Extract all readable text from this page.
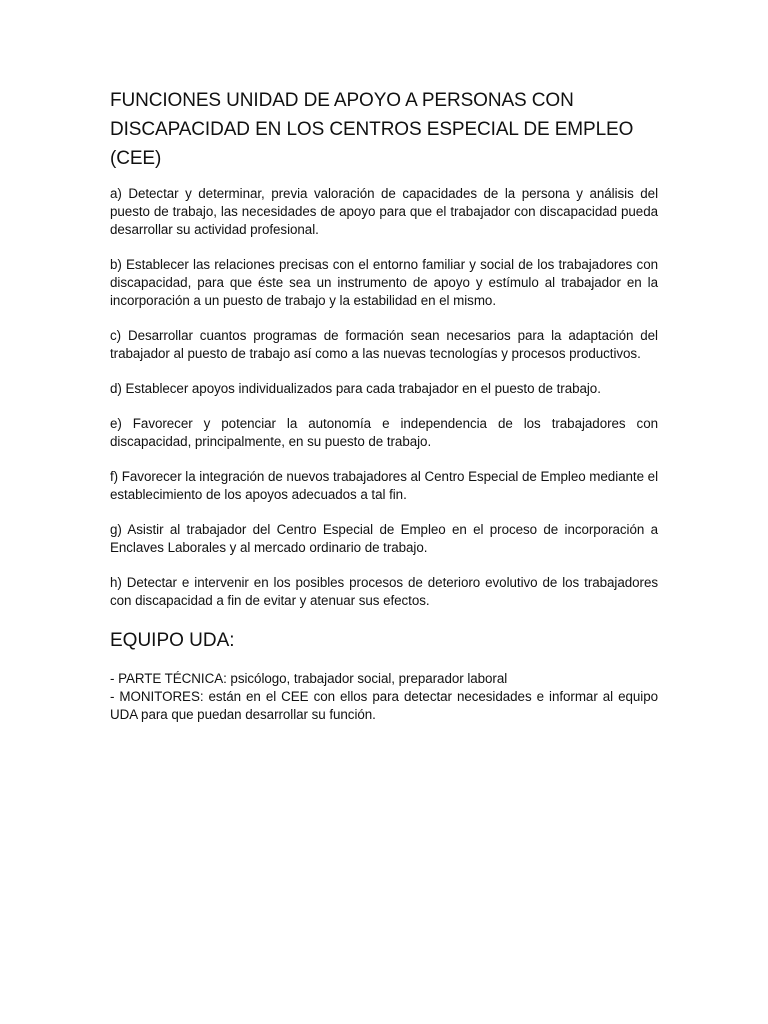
FUNCIONES UNIDAD DE APOYO A PERSONAS CON
DISCAPACIDAD EN LOS CENTROS ESPECIAL DE EMPLEO (CEE)

a) Detectar y determinar, previa valoración de capacidades de la persona y análisis del puesto de trabajo, las necesidades de apoyo para que el trabajador con discapacidad pueda desarrollar su actividad profesional.

b) Establecer las relaciones precisas con el entorno familiar y social de los trabajadores con discapacidad, para que éste sea un instrumento de apoyo y estímulo al trabajador en la incorporación a un puesto de trabajo y la estabilidad en el mismo.

c) Desarrollar cuantos programas de formación sean necesarios para la adaptación del trabajador al puesto de trabajo así como a las nuevas tecnologías y procesos productivos.

d) Establecer apoyos individualizados para cada trabajador en el puesto de trabajo.

e) Favorecer y potenciar la autonomía e independencia de los trabajadores con discapacidad, principalmente, en su puesto de trabajo.

f) Favorecer la integración de nuevos trabajadores al Centro Especial de Empleo mediante el establecimiento de los apoyos adecuados a tal fin.

g) Asistir al trabajador del Centro Especial de Empleo en el proceso de incorporación a Enclaves Laborales y al mercado ordinario de trabajo.

h) Detectar e intervenir en los posibles procesos de deterioro evolutivo de los trabajadores con discapacidad a fin de evitar y atenuar sus efectos.

EQUIPO UDA:
- PARTE TÉCNICA: psicólogo, trabajador social, preparador laboral
- MONITORES: están en el CEE con ellos para detectar necesidades e informar al equipo UDA para que puedan desarrollar su función.
